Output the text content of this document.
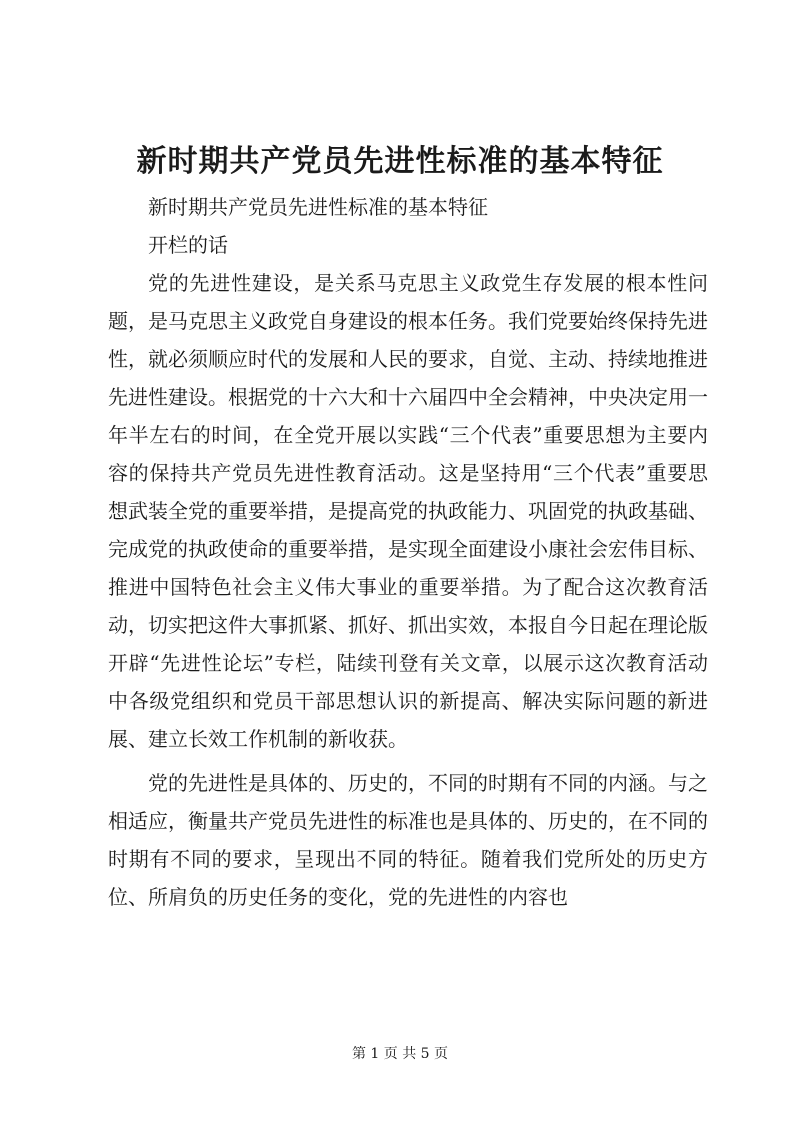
新时期共产党员先进性标准的基本特征

新时期共产党员先进性标准的基本特征

开栏的话

党的先进性建设，是关系马克思主义政党生存发展的根本性问题，是马克思主义政党自身建设的根本任务。我们党要始终保持先进性，就必须顺应时代的发展和人民的要求，自觉、主动、持续地推进先进性建设。根据党的十六大和十六届四中全会精神，中央决定用一年半左右的时间，在全党开展以实践“三个代表”重要思想为主要内容的保持共产党员先进性教育活动。这是坚持用“三个代表”重要思想武装全党的重要举措，是提高党的执政能力、巩固党的执政基础、完成党的执政使命的重要举措，是实现全面建设小康社会宏伟目标、推进中国特色社会主义伟大事业的重要举措。为了配合这次教育活动，切实把这件大事抓紧、抓好、抓出实效，本报自今日起在理论版开辟“先进性论坛”专栏，陆续刊登有关文章，以展示这次教育活动中各级党组织和党员干部思想认识的新提高、解决实际问题的新进展、建立长效工作机制的新收获。

党的先进性是具体的、历史的，不同的时期有不同的内涵。与之相适应，衡量共产党员先进性的标准也是具体的、历史的，在不同的时期有不同的要求，呈现出不同的特征。随着我们党所处的历史方位、所肩负的历史任务的变化，党的先进性的内容也

第 1 页 共 5 页
